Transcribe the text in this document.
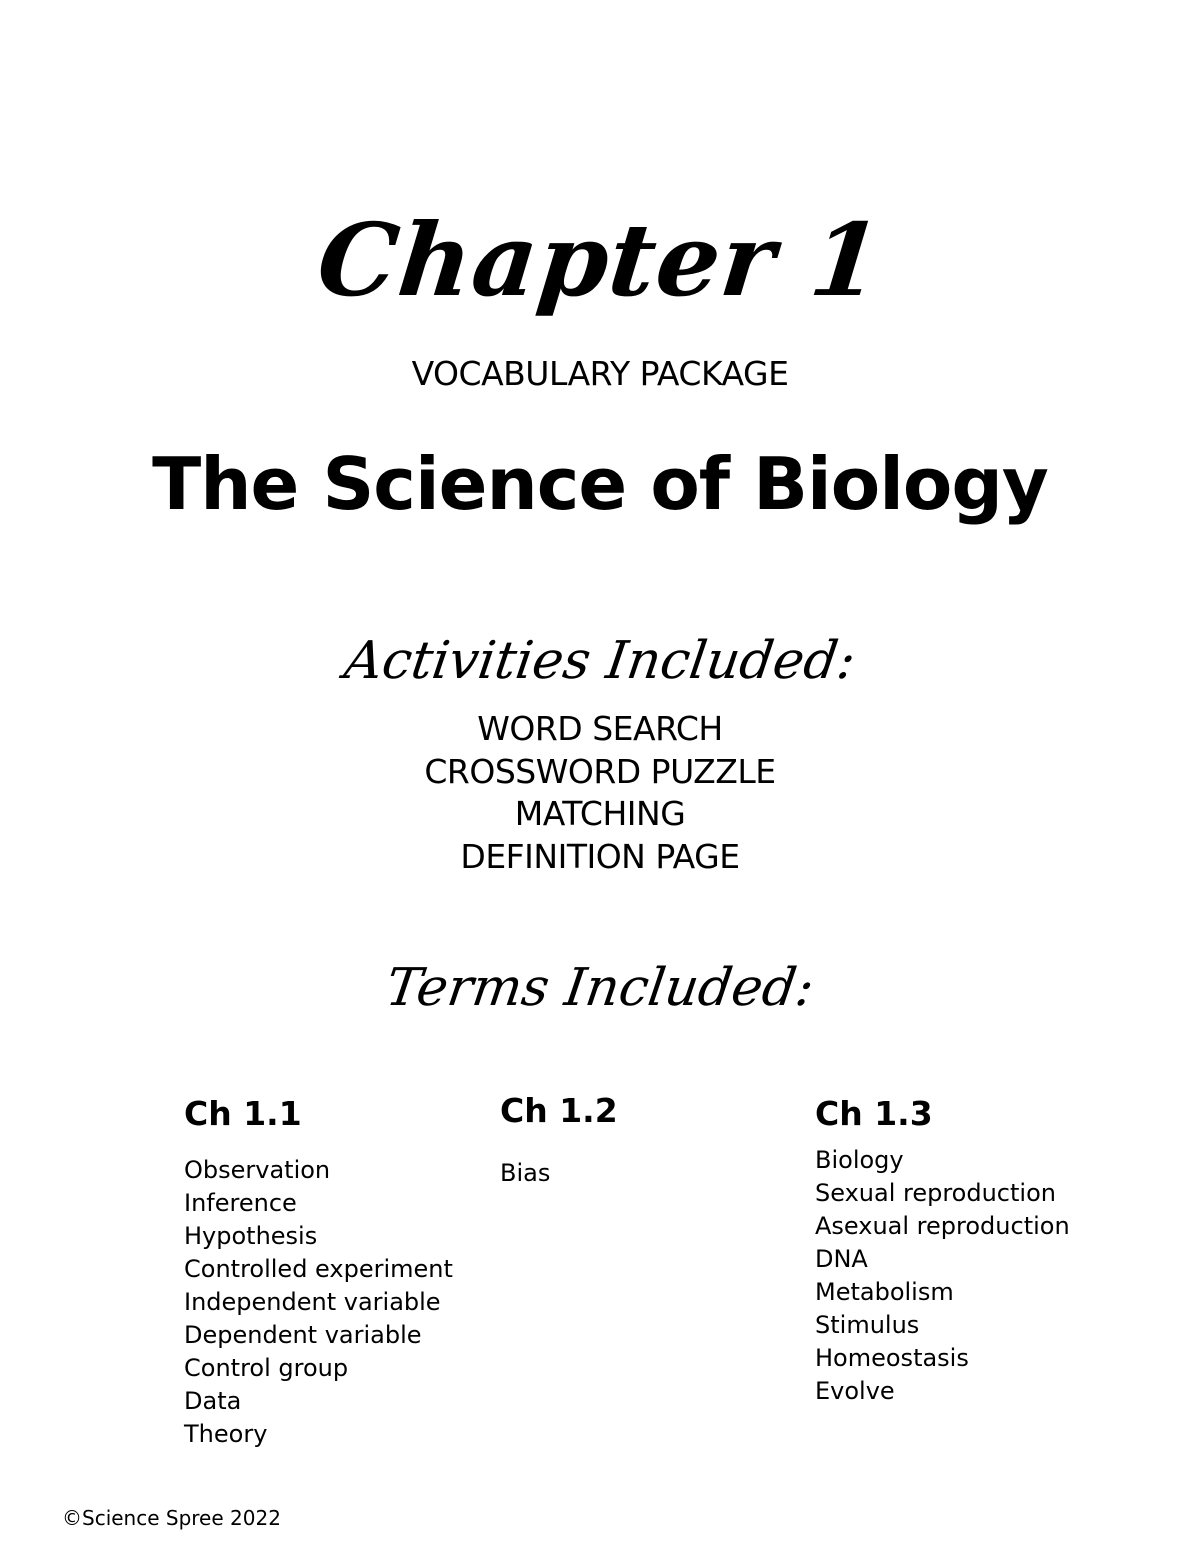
Chapter 1
VOCABULARY PACKAGE
The Science of Biology
Activities Included:
WORD SEARCH
CROSSWORD PUZZLE
MATCHING
DEFINITION PAGE
Terms Included:
Ch 1.1
Observation
Inference
Hypothesis
Controlled experiment
Independent variable
Dependent variable
Control group
Data
Theory
Ch 1.2
Bias
Ch 1.3
Biology
Sexual reproduction
Asexual reproduction
DNA
Metabolism
Stimulus
Homeostasis
Evolve
©Science Spree 2022
